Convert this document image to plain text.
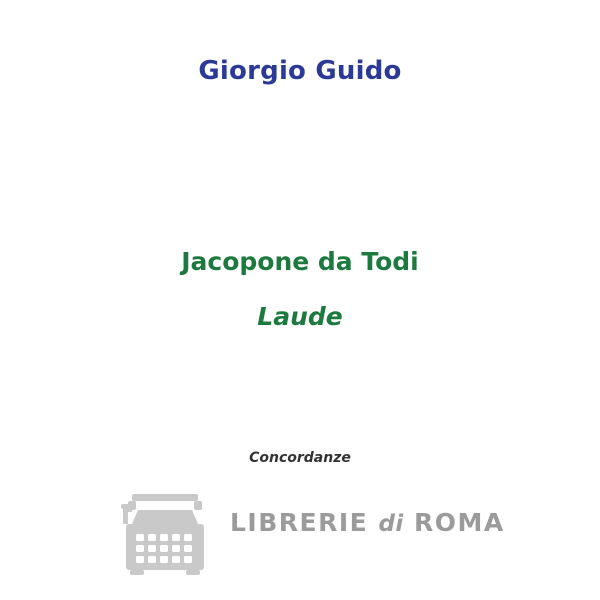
Giorgio Guido
Jacopone da Todi
Laude
Concordanze
LIBRERIE di ROMA
